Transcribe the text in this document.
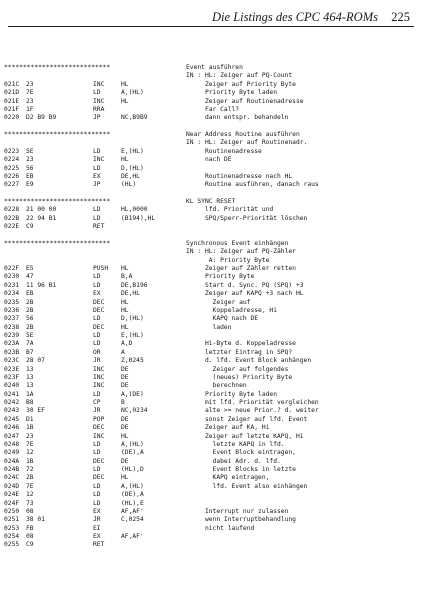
Die Listings des CPC 464-ROMs 225
****************************	Event ausführen
IN : HL: Zeiger auf PQ-Count
021C 23	INC	HL	Zeiger auf Priority Byte
021D 7E	LD	A,(HL)	Priority Byte laden
021E 23	INC	HL	Zeiger auf Routinenadresse
021F 1F	RRA	Far Call?
0220 D2 B9 B9	JP	NC,B9B9	dann entspr. behandeln
****************************	Near Address Routine ausführen
IN : HL: Zeiger auf Routinenadr.
0223 5E	LD	E,(HL)	Routinenadresse
0224 23	INC	HL	nach DE
0225 56	LD	D,(HL)
0226 EB	EX	DE,HL	Routinenadresse nach HL
0227 E9	JP	(HL)	Routine ausführen, danach raus
****************************	KL SYNC RESET
0228 21 00 00	LD	HL,0000	lfd. Priorität und
022B 22 94 B1	LD	(B194),HL	SPQ/Sperr-Priorität löschen
022E C9	RET
****************************	Synchronous Event einhängen
IN : HL: Zeiger auf PQ-Zähler
A: Priority Byte
022F E5	PUSH HL	Zeiger auf Zähler retten
0230 47	LD	B,A	Priority Byte
0231 11 96 B1	LD	DE,B196	Start d. Sync. PQ (SPQ) +3
0234 EB	EX	DE,HL	Zeiger auf KAPQ +3 nach HL
0235 2B	DEC	HL	Zeiger auf
0236 2B	DEC	HL	Koppeladresse, Hi
0237 56	LD	D,(HL)	KAPQ nach DE
0238 2B	DEC	HL	laden
0239 5E	LD	E,(HL)
023A 7A	LD	A,D	Hi-Byte d. Koppeladresse
023B B7	OR	A	letzter Eintrag in SPQ?
023C 28 07	JR	Z,0245	d. lfd. Event Block anhängen
023E 13	INC	DE	Zeiger auf folgendes
023F 13	INC	DE	(neues) Priority Byte
0240 13	INC	DE	berechnen
0241 1A	LD	A,(DE)	Priority Byte laden
0242 B8	CP	B	mit lfd. Priorität vergleichen
0243 30 EF	JR	NC,0234	alte >= neue Prior.? d. weiter
0245 D1	POP	DE	sonst Zeiger auf lfd. Event
0246 1B	DEC	DE	Zeiger auf KA, Hi
0247 23	INC	HL	Zeiger auf letzte KAPQ, Hi
0248 7E	LD	A,(HL)	letzte KAPQ in lfd.
0249 12	LD	(DE),A	Event Block eintragen,
024A 1B	DEC	DE	dabei Adr. d. lfd.
024B 72	LD	(HL),D	Event Blocks in letzte
024C 2B	DEC	HL	KAPQ eintragen,
024D 7E	LD	A,(HL)	lfd. Event also einhängen
024E 12	LD	(DE),A
024F 73	LD	(HL),E
0250 08	EX	AF,AF'	Interrupt nur zulassen
0251 38 01	JR	C,0254	wenn Interruptbehandlung
0253 FB	EI	nicht laufend
0254 08	EX	AF,AF'
0255 C9	RET
